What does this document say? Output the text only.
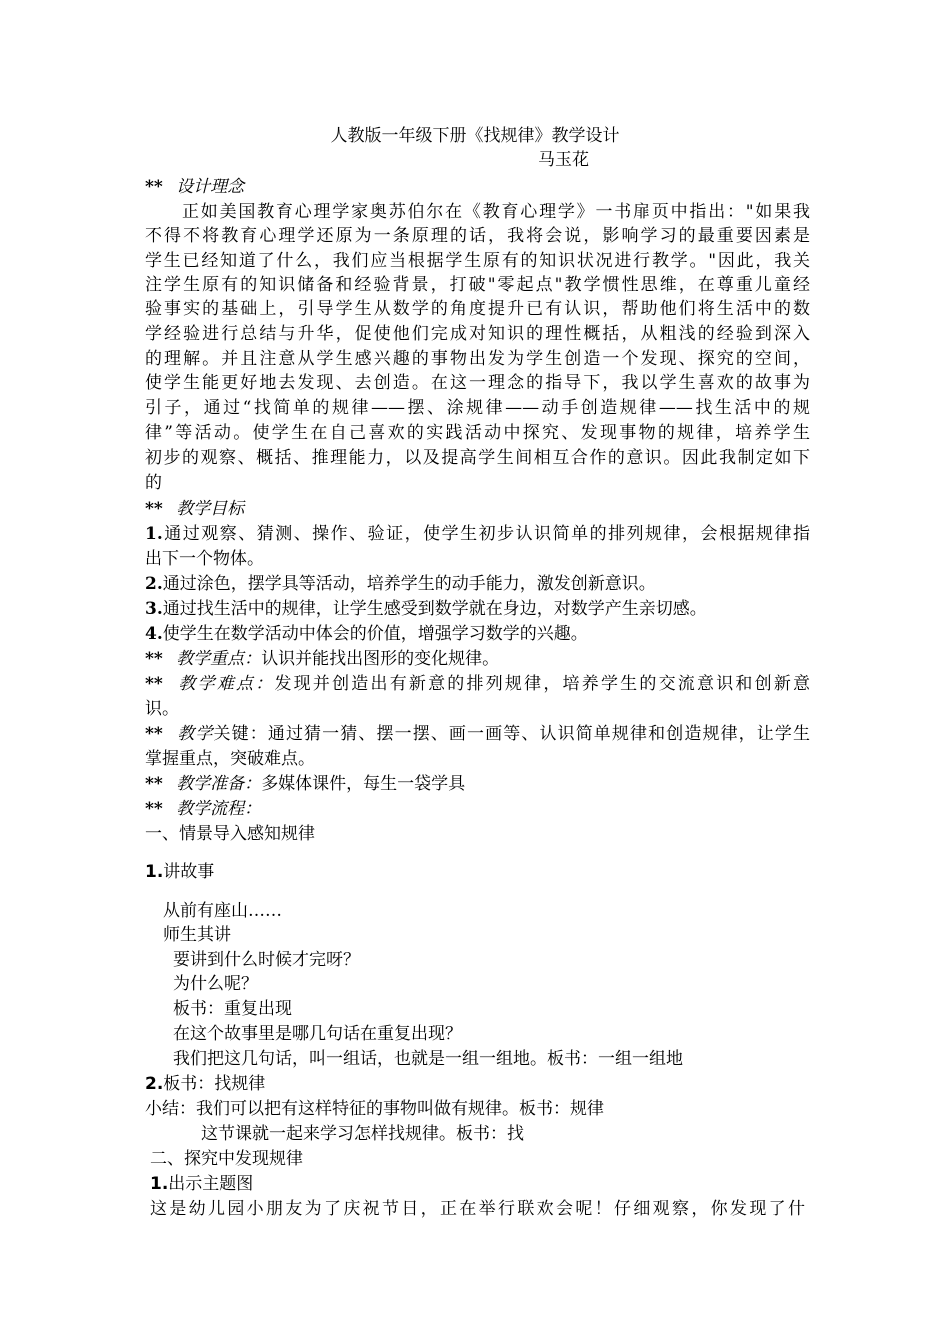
人教版一年级下册《找规律》教学设计
马玉花
** 设计理念
正如美国教育心理学家奥苏伯尔在《教育心理学》一书扉页中指出："如果我
不得不将教育心理学还原为一条原理的话，我将会说，影响学习的最重要因素是
学生已经知道了什么，我们应当根据学生原有的知识状况进行教学。"因此，我关
注学生原有的知识储备和经验背景，打破"零起点"教学惯性思维，在尊重儿童经
验事实的基础上，引导学生从数学的角度提升已有认识，帮助他们将生活中的数
学经验进行总结与升华，促使他们完成对知识的理性概括，从粗浅的经验到深入
的理解。并且注意从学生感兴趣的事物出发为学生创造一个发现、探究的空间，
使学生能更好地去发现、去创造。在这一理念的指导下，我以学生喜欢的故事为
引子，通过“找简单的规律——摆、涂规律——动手创造规律——找生活中的规
律”等活动。使学生在自己喜欢的实践活动中探究、发现事物的规律，培养学生
初步的观察、概括、推理能力，以及提高学生间相互合作的意识。因此我制定如下
的
** 教学目标
1.通过观察、猜测、操作、验证，使学生初步认识简单的排列规律，会根据规律指
出下一个物体。
2.通过涂色，摆学具等活动，培养学生的动手能力，激发创新意识。
3.通过找生活中的规律，让学生感受到数学就在身边，对数学产生亲切感。
4.使学生在数学活动中体会的价值，增强学习数学的兴趣。
** 教学重点：认识并能找出图形的变化规律。
** 教学难点：发现并创造出有新意的排列规律，培养学生的交流意识和创新意
识。
** 教学关键：通过猜一猜、摆一摆、画一画等、认识简单规律和创造规律，让学生
掌握重点，突破难点。
** 教学准备：多媒体课件，每生一袋学具
** 教学流程：
一、情景导入感知规律
1.讲故事
从前有座山……
师生其讲
要讲到什么时候才完呀？
为什么呢？
板书：重复出现
在这个故事里是哪几句话在重复出现？
我们把这几句话，叫一组话，也就是一组一组地。板书：一组一组地
2.板书：找规律
小结：我们可以把有这样特征的事物叫做有规律。板书：规律
这节课就一起来学习怎样找规律。板书：找
二、探究中发现规律
1.出示主题图
这是幼儿园小朋友为了庆祝节日，正在举行联欢会呢！仔细观察，你发现了什
